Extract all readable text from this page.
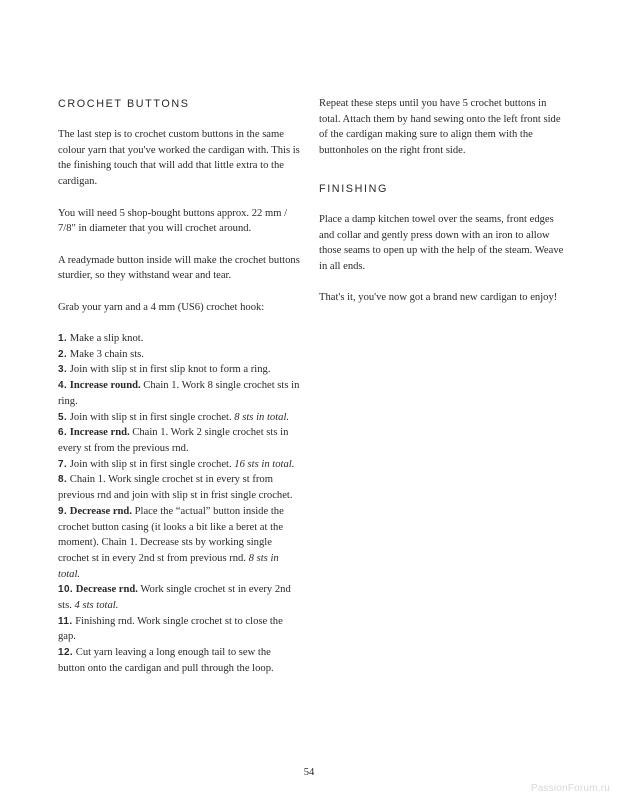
CROCHET BUTTONS

The last step is to crochet custom buttons in the same colour yarn that you've worked the cardigan with. This is the finishing touch that will add that little extra to the cardigan.

You will need 5 shop-bought buttons approx. 22 mm / 7/8" in diameter that you will crochet around.

A readymade button inside will make the crochet buttons sturdier, so they withstand wear and tear.

Grab your yarn and a 4 mm (US6) crochet hook:

1. Make a slip knot.
2. Make 3 chain sts.
3. Join with slip st in first slip knot to form a ring.
4. Increase round. Chain 1. Work 8 single crochet sts in ring.
5. Join with slip st in first single crochet. 8 sts in total.
6. Increase rnd. Chain 1. Work 2 single crochet sts in every st from the previous rnd.
7. Join with slip st in first single crochet. 16 sts in total.
8. Chain 1. Work single crochet st in every st from previous rnd and join with slip st in frist single crochet.
9. Decrease rnd. Place the “actual” button inside the crochet button casing (it looks a bit like a beret at the moment). Chain 1. Decrease sts by working single crochet st in every 2nd st from previous rnd. 8 sts in total.
10. Decrease rnd. Work single crochet st in every 2nd sts. 4 sts total.
11. Finishing rnd. Work single crochet st to close the gap.
12. Cut yarn leaving a long enough tail to sew the button onto the cardigan and pull through the loop.

Repeat these steps until you have 5 crochet buttons in total. Attach them by hand sewing onto the left front side of the cardigan making sure to align them with the buttonholes on the right front side.

FINISHING

Place a damp kitchen towel over the seams, front edges and collar and gently press down with an iron to allow those seams to open up with the help of the steam. Weave in all ends.

That's it, you've now got a brand new cardigan to enjoy!

54
PassionForum.ru
